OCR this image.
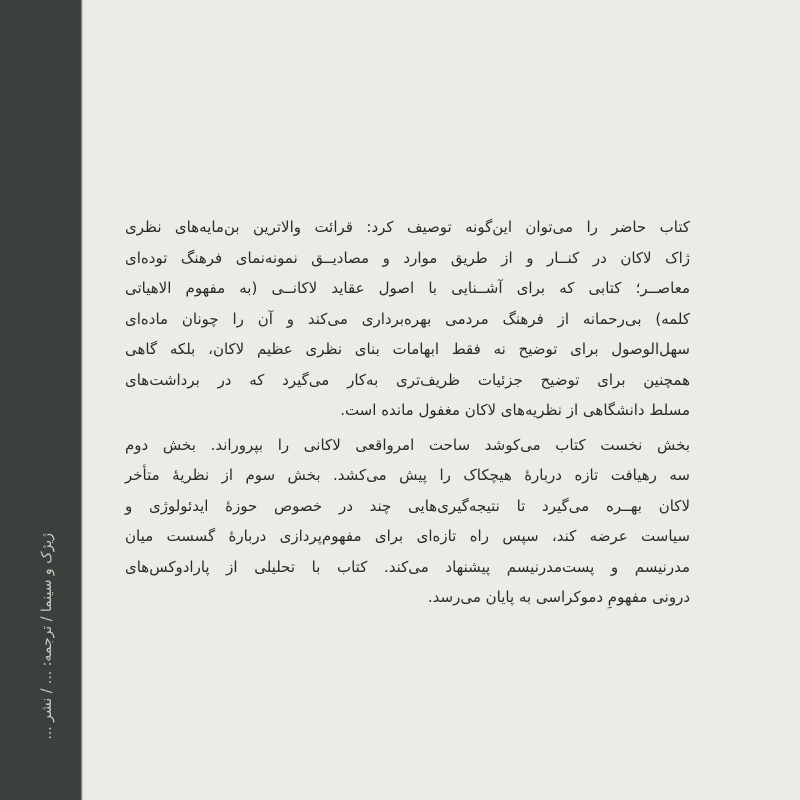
ژیژک و سینما / ترجمه: ... / نشر ...
کتاب حاضر را می‌توان این‌گونه توصیف کرد: قرائت والاترین بن‌مایه‌های نظری
ژاک لاکان در کنــار و از طریق موارد و مصادیــق نمونه‌نمای فرهنگ توده‌ای
معاصــر؛ کتابی که برای آشــنایی با اصول عقاید لاکانــی (به مفهوم الاهیاتی
کلمه) بی‌رحمانه از فرهنگ مردمی بهره‌برداری می‌کند و آن را چونان ماده‌ای
سهل‌الوصول برای توضیح نه فقط ابهامات بنای نظری عظیم لاکان، بلکه گاهی
همچنین برای توضیح جزئیات ظریف‌تری به‌کار می‌گیرد که در برداشت‌های
مسلط دانشگاهی از نظریه‌های لاکان مغفول مانده است.
بخش نخست کتاب می‌کوشد ساحت امرواقعی لاکانی را بپروراند. بخش دوم
سه رهیافت تازه دربارهٔ هیچکاک را پیش می‌کشد. بخش سوم از نظریهٔ متأخر
لاکان بهــره می‌گیرد تا نتیجه‌گیری‌هایی چند در خصوص حوزهٔ ایدئولوژی و
سیاست عرضه کند، سپس راه تازه‌ای برای مفهوم‌پردازی دربارهٔ گسست میان
مدرنیسم و پست‌مدرنیسم پیشنهاد می‌کند. کتاب با تحلیلی از پارادوکس‌های
درونی مفهومِ دموکراسی به پایان می‌رسد.
